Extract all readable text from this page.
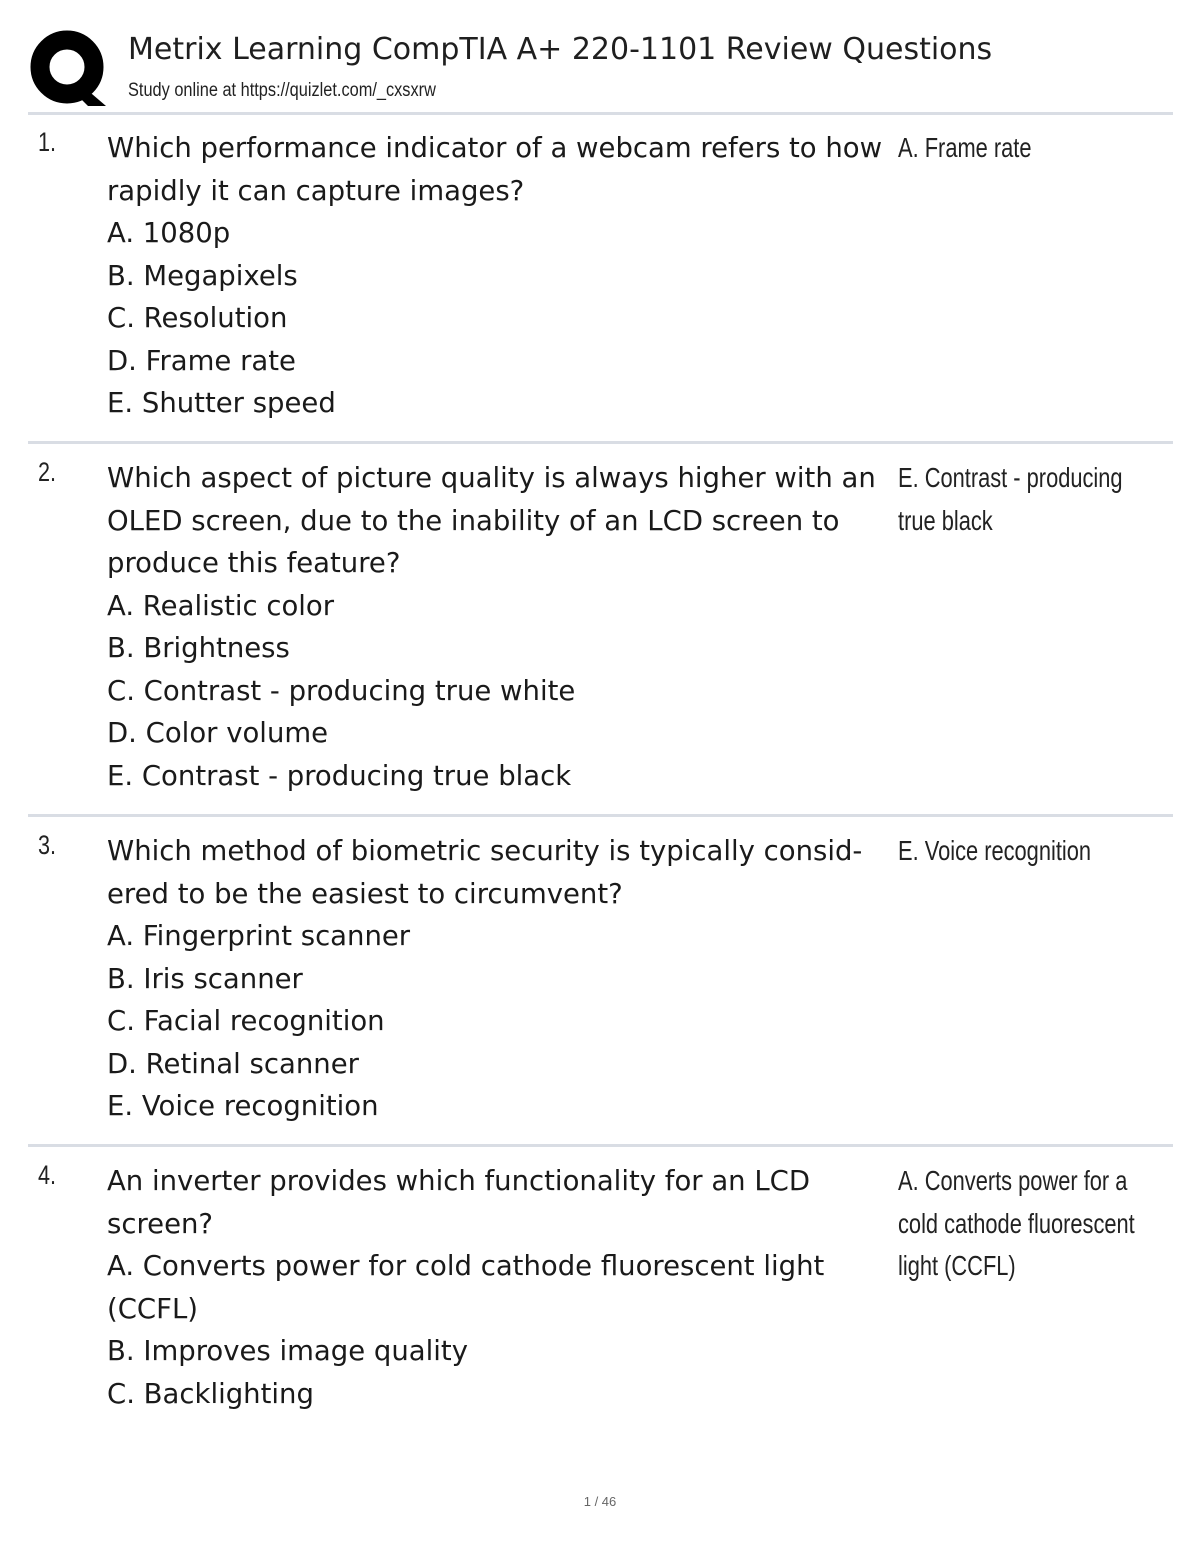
Metrix Learning CompTIA A+ 220-1101 Review Questions
Study online at https://quizlet.com/_cxsxrw
1. Which performance indicator of a webcam refers to how rapidly it can capture images?

A. 1080p

B. Megapixels

C. Resolution

D. Frame rate

E. Shutter speed

A. Frame rate
2. Which aspect of picture quality is always higher with an OLED screen, due to the inability of an LCD screen to produce this feature?

A. Realistic color

B. Brightness

C. Contrast - producing true white

D. Color volume

E. Contrast - producing true black

E. Contrast - producing true black
3. Which method of biometric security is typically consid-ered to be the easiest to circumvent?

A. Fingerprint scanner

B. Iris scanner

C. Facial recognition

D. Retinal scanner

E. Voice recognition

E. Voice recognition
4. An inverter provides which functionality for an LCD screen?

A. Converts power for cold cathode fluorescent light (CCFL)

B. Improves image quality

C. Backlighting

A. Converts power for a cold cathode fluorescent light (CCFL)
1 / 46
